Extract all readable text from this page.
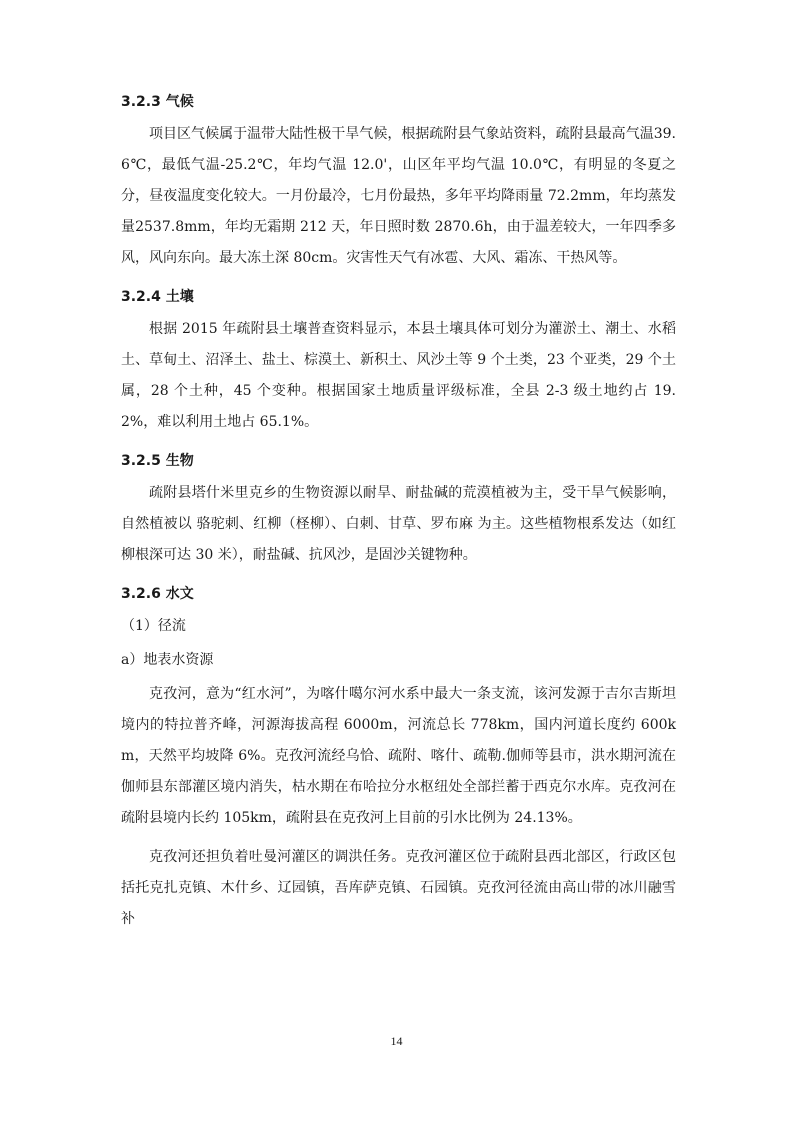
3.2.3 气候

项目区气候属于温带大陆性极干旱气候，根据疏附县气象站资料，疏附县最高气温39.6℃，最低气温-25.2℃，年均气温 12.0'，山区年平均气温 10.0℃，有明显的冬夏之分，昼夜温度变化较大。一月份最冷，七月份最热，多年平均降雨量 72.2mm，年均蒸发量2537.8mm，年均无霜期 212 天，年日照时数 2870.6h，由于温差较大，一年四季多风，风向东向。最大冻土深 80cm。灾害性天气有冰雹、大风、霜冻、干热风等。

3.2.4 土壤

根据 2015 年疏附县土壤普查资料显示，本县土壤具体可划分为灌淤土、潮土、水稻土、草甸土、沼泽土、盐土、棕漠土、新积土、风沙土等 9 个土类，23 个亚类，29 个土属，28 个土种，45 个变种。根据国家土地质量评级标准，全县 2-3 级土地约占 19.2%，难以利用土地占 65.1%。

3.2.5 生物

疏附县塔什米里克乡的生物资源以耐旱、耐盐碱的荒漠植被为主，受干旱气候影响，自然植被以 骆驼刺、红柳（柽柳）、白刺、甘草、罗布麻 为主。这些植物根系发达（如红柳根深可达 30 米），耐盐碱、抗风沙，是固沙关键物种。

3.2.6 水文
（1）径流
a）地表水资源

克孜河，意为“红水河”，为喀什噶尔河水系中最大一条支流，该河发源于吉尔吉斯坦境内的特拉普齐峰，河源海拔高程 6000m，河流总长 778km，国内河道长度约 600km，天然平均坡降 6%。克孜河流经乌恰、疏附、喀什、疏勒.伽师等县市，洪水期河流在伽师县东部灌区境内消失，枯水期在布哈拉分水枢纽处全部拦蓄于西克尔水库。克孜河在疏附县境内长约 105km，疏附县在克孜河上目前的引水比例为 24.13%。

克孜河还担负着吐曼河灌区的调洪任务。克孜河灌区位于疏附县西北部区，行政区包括托克扎克镇、木什乡、辽园镇，吾库萨克镇、石园镇。克孜河径流由高山带的冰川融雪补

14
